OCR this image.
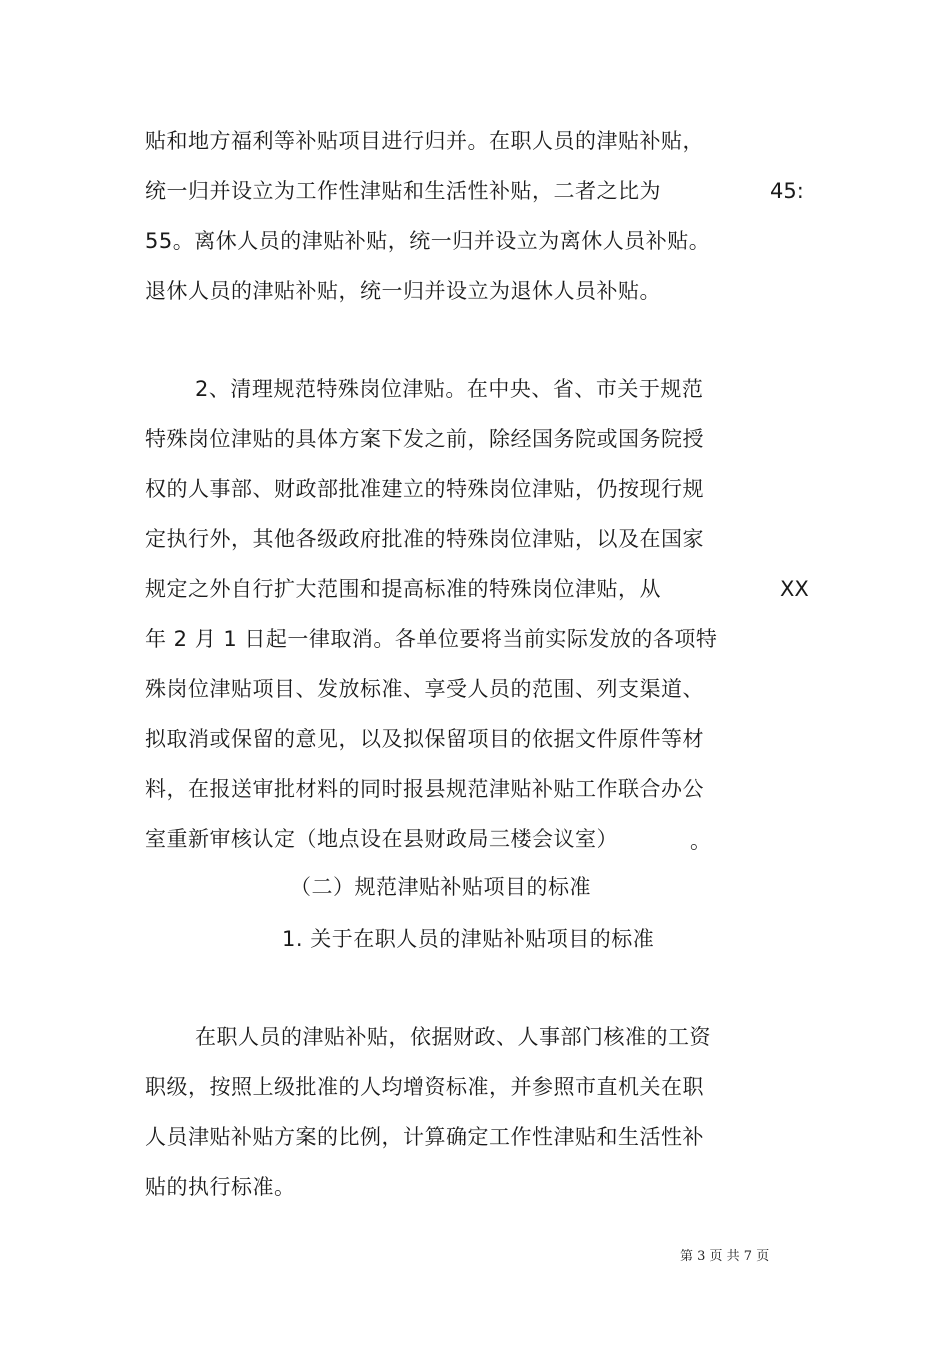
贴和地方福利等补贴项目进行归并。在职人员的津贴补贴，
统一归并设立为工作性津贴和生活性补贴，二者之比为	45:
55。离休人员的津贴补贴，统一归并设立为离休人员补贴。
退休人员的津贴补贴，统一归并设立为退休人员补贴。
2、清理规范特殊岗位津贴。在中央、省、市关于规范
特殊岗位津贴的具体方案下发之前，除经国务院或国务院授
权的人事部、财政部批准建立的特殊岗位津贴，仍按现行规
定执行外，其他各级政府批准的特殊岗位津贴，以及在国家
规定之外自行扩大范围和提高标准的特殊岗位津贴，从	XX
年 2 月 1 日起一律取消。各单位要将当前实际发放的各项特
殊岗位津贴项目、发放标准、享受人员的范围、列支渠道、
拟取消或保留的意见，以及拟保留项目的依据文件原件等材
料，在报送审批材料的同时报县规范津贴补贴工作联合办公
室重新审核认定（地点设在县财政局三楼会议室）	。
（二）规范津贴补贴项目的标准
1. 关于在职人员的津贴补贴项目的标准
在职人员的津贴补贴，依据财政、人事部门核准的工资
职级，按照上级批准的人均增资标准，并参照市直机关在职
人员津贴补贴方案的比例，计算确定工作性津贴和生活性补
贴的执行标准。
第 3 页 共 7 页
